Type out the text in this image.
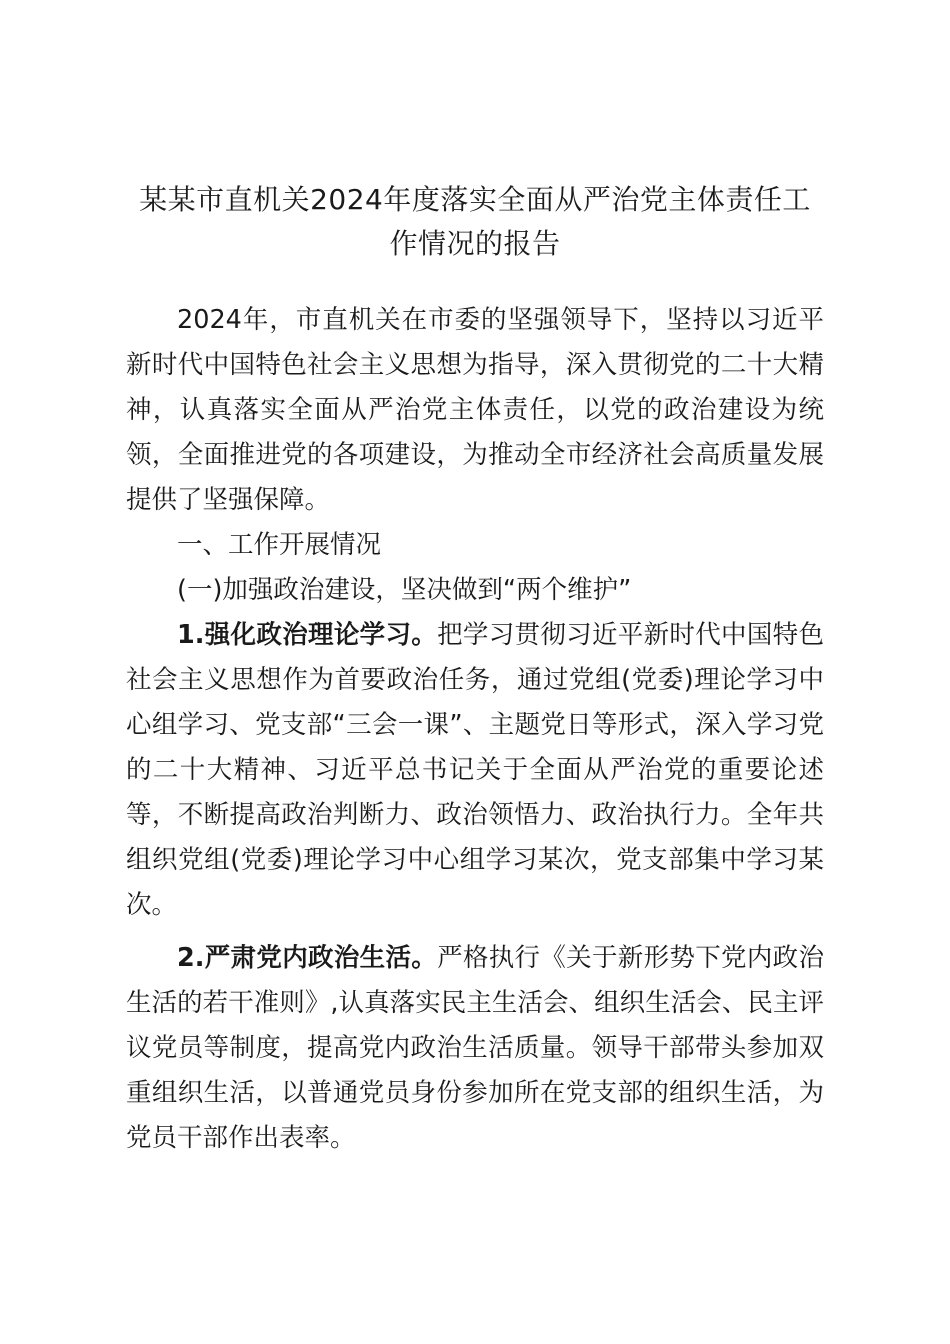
某某市直机关2024年度落实全面从严治党主体责任工作情况的报告

2024年，市直机关在市委的坚强领导下，坚持以习近平新时代中国特色社会主义思想为指导，深入贯彻党的二十大精神，认真落实全面从严治党主体责任，以党的政治建设为统领，全面推进党的各项建设，为推动全市经济社会高质量发展提供了坚强保障。

一、工作开展情况

(一)加强政治建设，坚决做到“两个维护”

1.强化政治理论学习。把学习贯彻习近平新时代中国特色社会主义思想作为首要政治任务，通过党组(党委)理论学习中心组学习、党支部“三会一课”、主题党日等形式，深入学习党的二十大精神、习近平总书记关于全面从严治党的重要论述等，不断提高政治判断力、政治领悟力、政治执行力。全年共组织党组(党委)理论学习中心组学习某次，党支部集中学习某次。

2.严肃党内政治生活。严格执行《关于新形势下党内政治生活的若干准则》,认真落实民主生活会、组织生活会、民主评议党员等制度，提高党内政治生活质量。领导干部带头参加双重组织生活，以普通党员身份参加所在党支部的组织生活，为党员干部作出表率。
